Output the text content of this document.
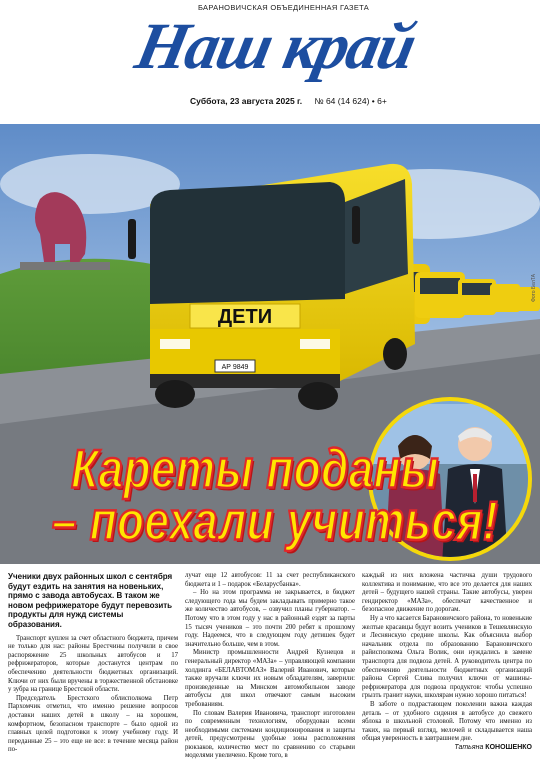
БАРАНОВИЧСКАЯ ОБЪЕДИНЕННАЯ ГАЗЕТА
Наш край
Суббота, 23 августа 2025 г. № 64 (14 624) • 6+
ДЕТИ
АР 9849
Фото БелТА
Кареты поданы
– поехали учиться!

Ученики двух районных школ с сентября будут ездить на занятия на новеньких, прямо с завода автобусах. В таком же новом рефрижераторе будут перевозить продукты для нужд системы образования.

Транспорт куплен за счет областного бюджета, причем не только для нас: районы Брестчины получили в свое распоряжение 25 школьных автобусов и 17 рефрижераторов, которые достанутся центрам по обеспечению деятельности бюджетных организаций. Ключи от них были вручены в торжественной обстановке у зубра на границе Брестской области.

Председатель Брестского облисполкома Петр Пархомчик отметил, что именно решение вопросов доставки наших детей в школу – на хорошем, комфортном, безопасном транспорте – было одной из главных целей подготовки к этому учебному году. И переданные 25 – это еще не все: в течение месяца район по-

лучат еще 12 автобусов: 11 за счет республиканского бюджета и 1 – подарок «Беларусбанка».

– Но на этом программа не закрывается, в бюджет следующего года мы будем закладывать примерно такое же количество автобусов, – озвучил планы губернатор. – Потому что в этом году у нас в районный ездят за парты 15 тысяч учеников – это почти 200 ребят к прошлому году. Надеемся, что в следующем году детишек будет значительно больше, чем в этом.

Министр промышленности Андрей Кузнецов и генеральный директор «МАЗа» – управляющей компании холдинга «БЕЛАВТОМАЗ» Валерий Иванович, которые также вручали ключи их новым обладателям, заверили: произведенные на Минском автомобильном заводе автобусы для школ отвечают самым высоким требованиям.

По словам Валерия Ивановича, транспорт изготовлен по современным технологиям, оборудован всеми необходимыми системами кондиционирования и защиты детей, предусмотрены удобные зоны расположения рюкзаков, количество мест по сравнению со старыми моделями увеличено. Кроме того, в

каждый из них вложена частичка души трудового коллектива и понимание, что все это делается для наших детей – будущего нашей страны. Такие автобусы, уверен гендиректор «МАЗа», обеспечат качественное и безопасное движение по дорогам.

Ну а что касается Барановичского района, то новенькие желтые красавцы будут возить учеников в Тешевлянскую и Леснянскую средние школы. Как объяснила выбор начальник отдела по образованию Барановичского райисполкома Ольга Волик, они нуждались в замене транспорта для подвоза детей. А руководитель центра по обеспечению деятельности бюджетных организаций района Сергей Слива получил ключи от машины-рефрижератора для подвоза продуктов: чтобы успешно грызть гранит науки, школярам нужно хорошо питаться!

В заботе о подрастающем поколении важна каждая деталь – от удобного сидения в автобусе до свежего яблока в школьной столовой. Потому что именно из таких, на первый взгляд, мелочей и складывается наша общая уверенность в завтрашнем дне.

Татьяна КОНОШЕНКО
